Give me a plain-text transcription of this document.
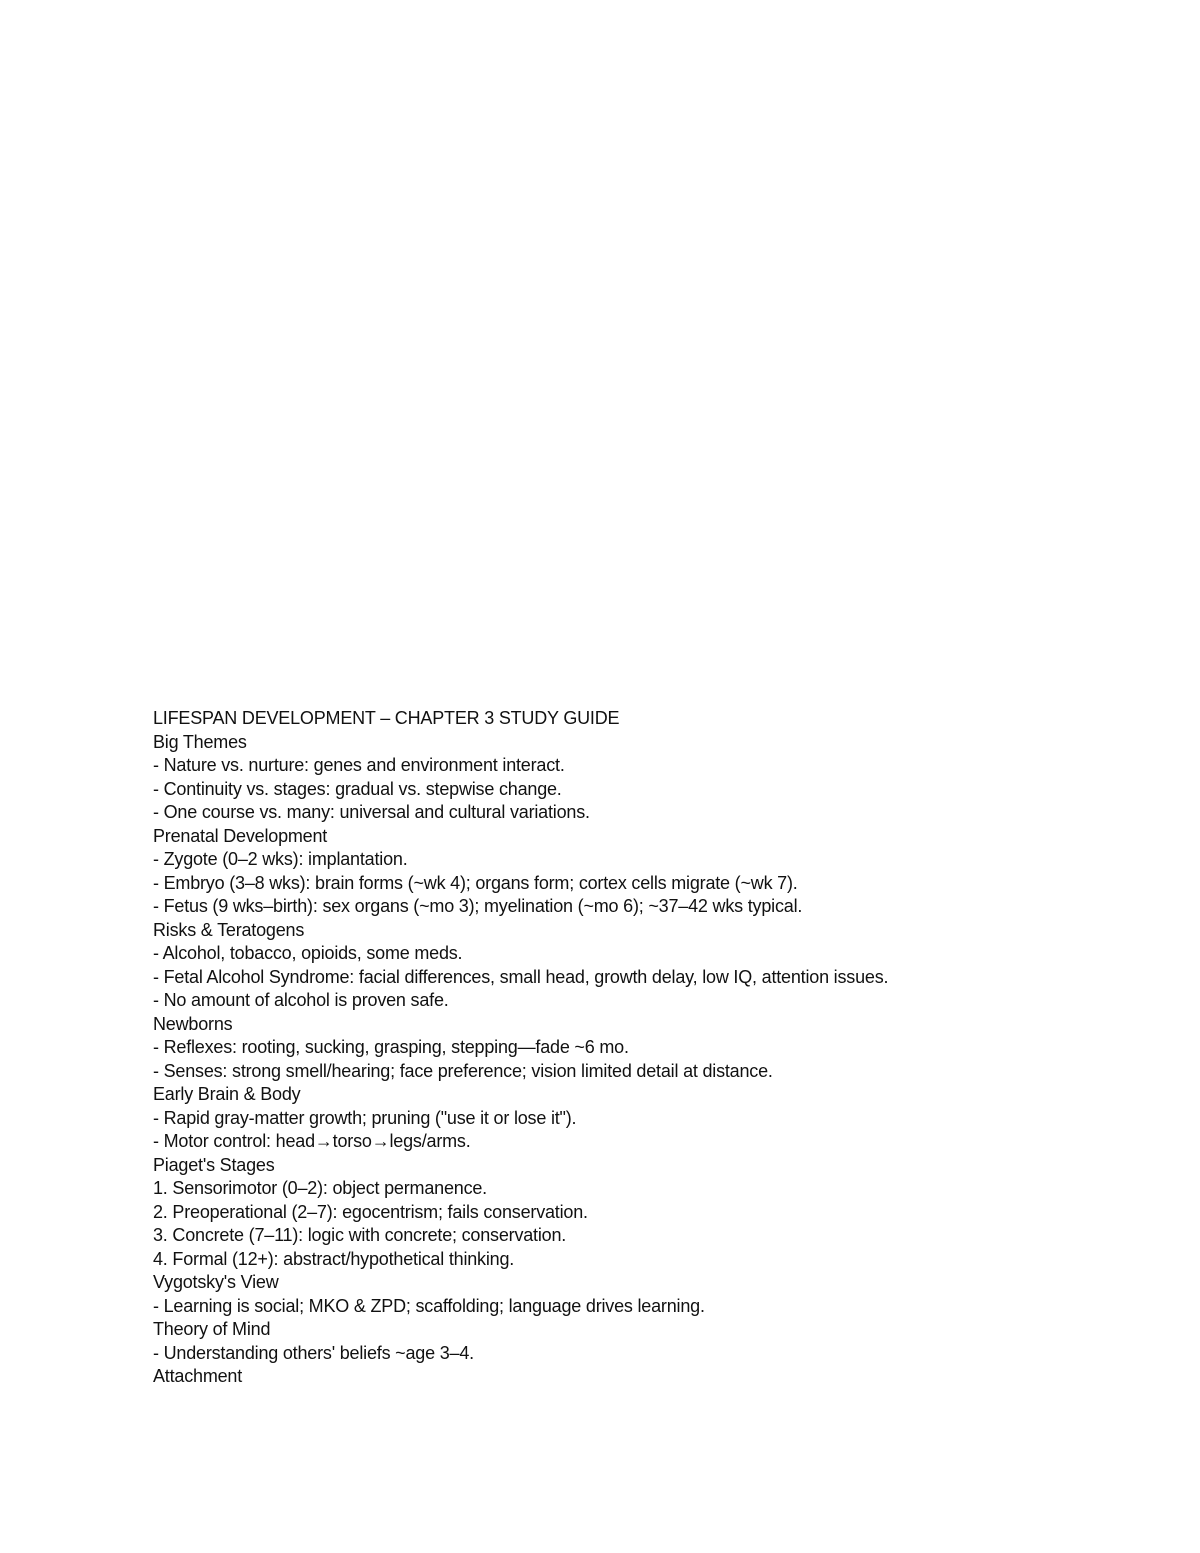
LIFESPAN DEVELOPMENT – CHAPTER 3 STUDY GUIDE
Big Themes
- Nature vs. nurture: genes and environment interact.
- Continuity vs. stages: gradual vs. stepwise change.
- One course vs. many: universal and cultural variations.
Prenatal Development
- Zygote (0–2 wks): implantation.
- Embryo (3–8 wks): brain forms (~wk 4); organs form; cortex cells migrate (~wk 7).
- Fetus (9 wks–birth): sex organs (~mo 3); myelination (~mo 6); ~37–42 wks typical.
Risks & Teratogens
- Alcohol, tobacco, opioids, some meds.
- Fetal Alcohol Syndrome: facial differences, small head, growth delay, low IQ, attention issues.
- No amount of alcohol is proven safe.
Newborns
- Reflexes: rooting, sucking, grasping, stepping—fade ~6 mo.
- Senses: strong smell/hearing; face preference; vision limited detail at distance.
Early Brain & Body
- Rapid gray-matter growth; pruning ("use it or lose it").
- Motor control: head→torso→legs/arms.
Piaget's Stages
1. Sensorimotor (0–2): object permanence.
2. Preoperational (2–7): egocentrism; fails conservation.
3. Concrete (7–11): logic with concrete; conservation.
4. Formal (12+): abstract/hypothetical thinking.
Vygotsky's View
- Learning is social; MKO & ZPD; scaffolding; language drives learning.
Theory of Mind
- Understanding others' beliefs ~age 3–4.
Attachment
